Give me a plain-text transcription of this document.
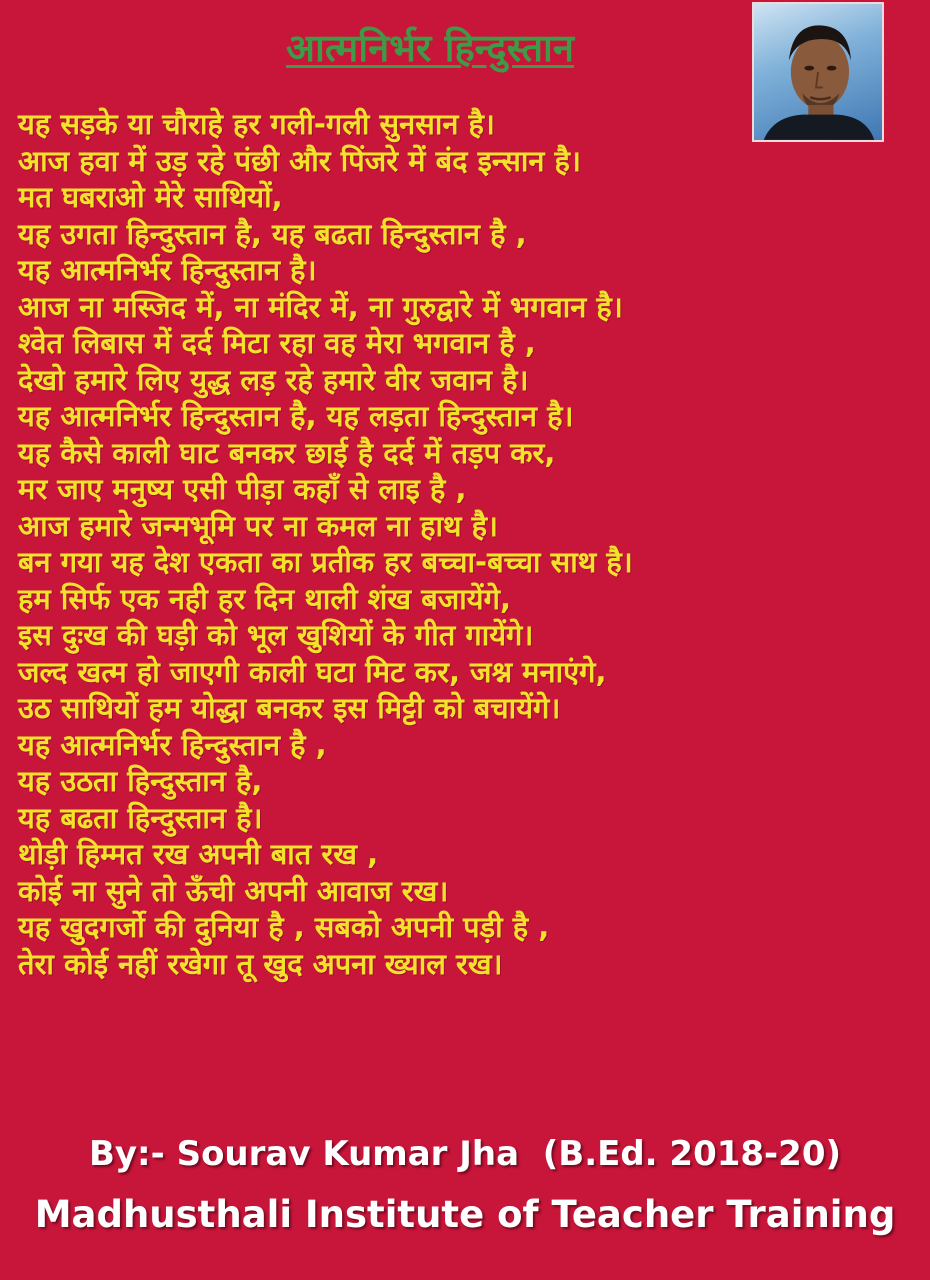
आत्मनिर्भर हिन्दुस्तान
यह सड़के या चौराहे हर गली-गली सुनसान है।
आज हवा में उड़ रहे पंछी और पिंजरे में बंद इन्सान है।
मत घबराओ मेरे साथियों,
यह उगता हिन्दुस्तान है, यह बढता हिन्दुस्तान है ,
यह आत्मनिर्भर हिन्दुस्तान है।
आज ना मस्जिद में, ना मंदिर में, ना गुरुद्वारे में भगवान है।
श्वेत लिबास में दर्द मिटा रहा वह मेरा भगवान है ,
देखो हमारे लिए युद्ध लड़ रहे हमारे वीर जवान है।
यह आत्मनिर्भर हिन्दुस्तान है, यह लड़ता हिन्दुस्तान है।
यह कैसे काली घाट बनकर छाई है दर्द में तड़प कर,
मर जाए मनुष्य एसी पीड़ा कहाँ से लाइ है ,
आज हमारे जन्मभूमि पर ना कमल ना हाथ है।
बन गया यह देश एकता का प्रतीक हर बच्चा-बच्चा साथ है।
हम सिर्फ एक नही हर दिन थाली शंख बजायेंगे,
इस दुःख की घड़ी को भूल खुशियों के गीत गायेंगे।
जल्द खत्म हो जाएगी काली घटा मिट कर, जश्न मनाएंगे,
उठ साथियों हम योद्धा बनकर इस मिट्टी को बचायेंगे।
यह आत्मनिर्भर हिन्दुस्तान है ,
यह उठता हिन्दुस्तान है,
यह बढता हिन्दुस्तान है।
थोड़ी हिम्मत रख अपनी बात रख ,
कोई ना सुने तो ऊँची अपनी आवाज रख।
यह खुदगर्जो की दुनिया है , सबको अपनी पड़ी है ,
तेरा कोई नहीं रखेगा तू खुद अपना ख्याल रख।
By:- Sourav Kumar Jha  (B.Ed. 2018-20)
Madhusthali Institute of Teacher Training
